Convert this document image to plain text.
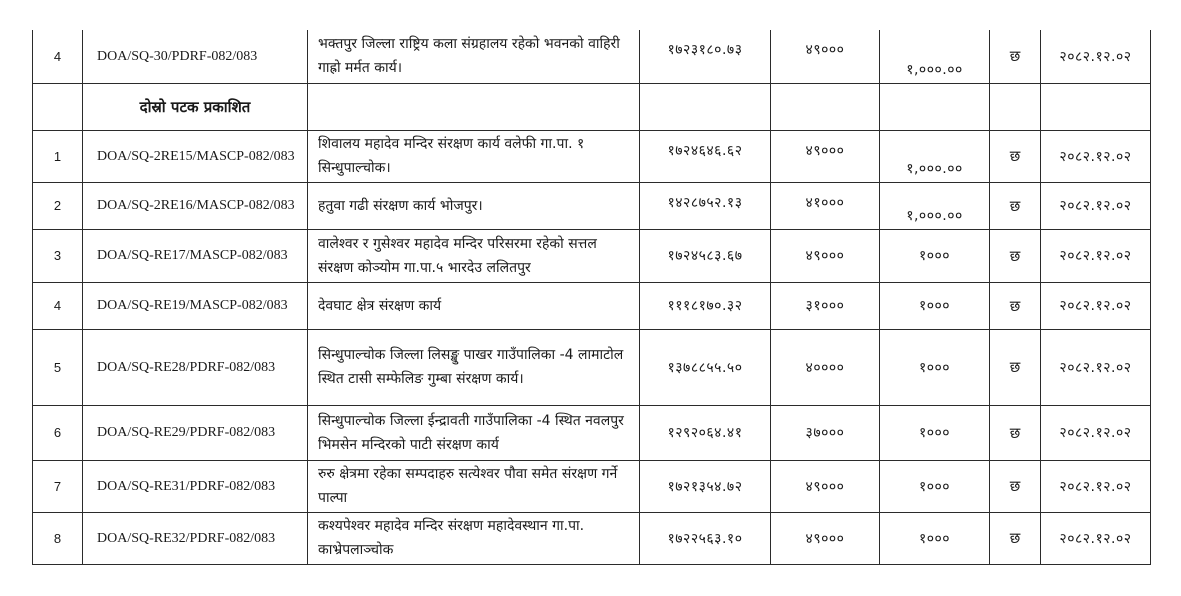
4	DOA/SQ-30/PDRF-082/083	भक्तपुर जिल्ला राष्ट्रिय कला संग्रहालय रहेको भवनको वाहिरी गाह्रो मर्मत कार्य।	१७२३१८०.७३	४९०००	१,०००.००	छ	२०८२.१२.०२
	दोस्रो पटक प्रकाशित						
1	DOA/SQ-2RE15/MASCP-082/083	शिवालय महादेव मन्दिर संरक्षण कार्य वलेफी गा.पा. १ सिन्धुपाल्चोक।	१७२४६४६.६२	४९०००	१,०००.००	छ	२०८२.१२.०२
2	DOA/SQ-2RE16/MASCP-082/083	हतुवा गढी संरक्षण कार्य भोजपुर।	१४२८७५२.१३	४१०००	१,०००.००	छ	२०८२.१२.०२
3	DOA/SQ-RE17/MASCP-082/083	वालेश्वर र गुसेश्वर महादेव मन्दिर परिसरमा रहेको सत्तल संरक्षण कोञ्योम गा.पा.५ भारदेउ ललितपुर	१७२४५८३.६७	४९०००	१०००	छ	२०८२.१२.०२
4	DOA/SQ-RE19/MASCP-082/083	देवघाट क्षेत्र संरक्षण कार्य	१११८१७०.३२	३१०००	१०००	छ	२०८२.१२.०२
5	DOA/SQ-RE28/PDRF-082/083	सिन्धुपाल्चोक जिल्ला लिसङ्खु पाखर गाउँपालिका -4 लामाटोल स्थित टासी सम्फेलिङ गुम्बा संरक्षण कार्य।	१३७८८५५.५०	४००००	१०००	छ	२०८२.१२.०२
6	DOA/SQ-RE29/PDRF-082/083	सिन्धुपाल्चोक जिल्ला ईन्द्रावती गाउँपालिका -4 स्थित नवलपुर भिमसेन मन्दिरको पाटी संरक्षण कार्य	१२९२०६४.४१	३७०००	१०००	छ	२०८२.१२.०२
7	DOA/SQ-RE31/PDRF-082/083	रुरु क्षेत्रमा रहेका सम्पदाहरु सत्येश्वर पौवा समेत संरक्षण गर्ने पाल्पा	१७२१३५४.७२	४९०००	१०००	छ	२०८२.१२.०२
8	DOA/SQ-RE32/PDRF-082/083	कश्यपेश्वर महादेव मन्दिर संरक्षण महादेवस्थान गा.पा. काभ्रेपलाञ्चोक	१७२२५६३.१०	४९०००	१०००	छ	२०८२.१२.०२
